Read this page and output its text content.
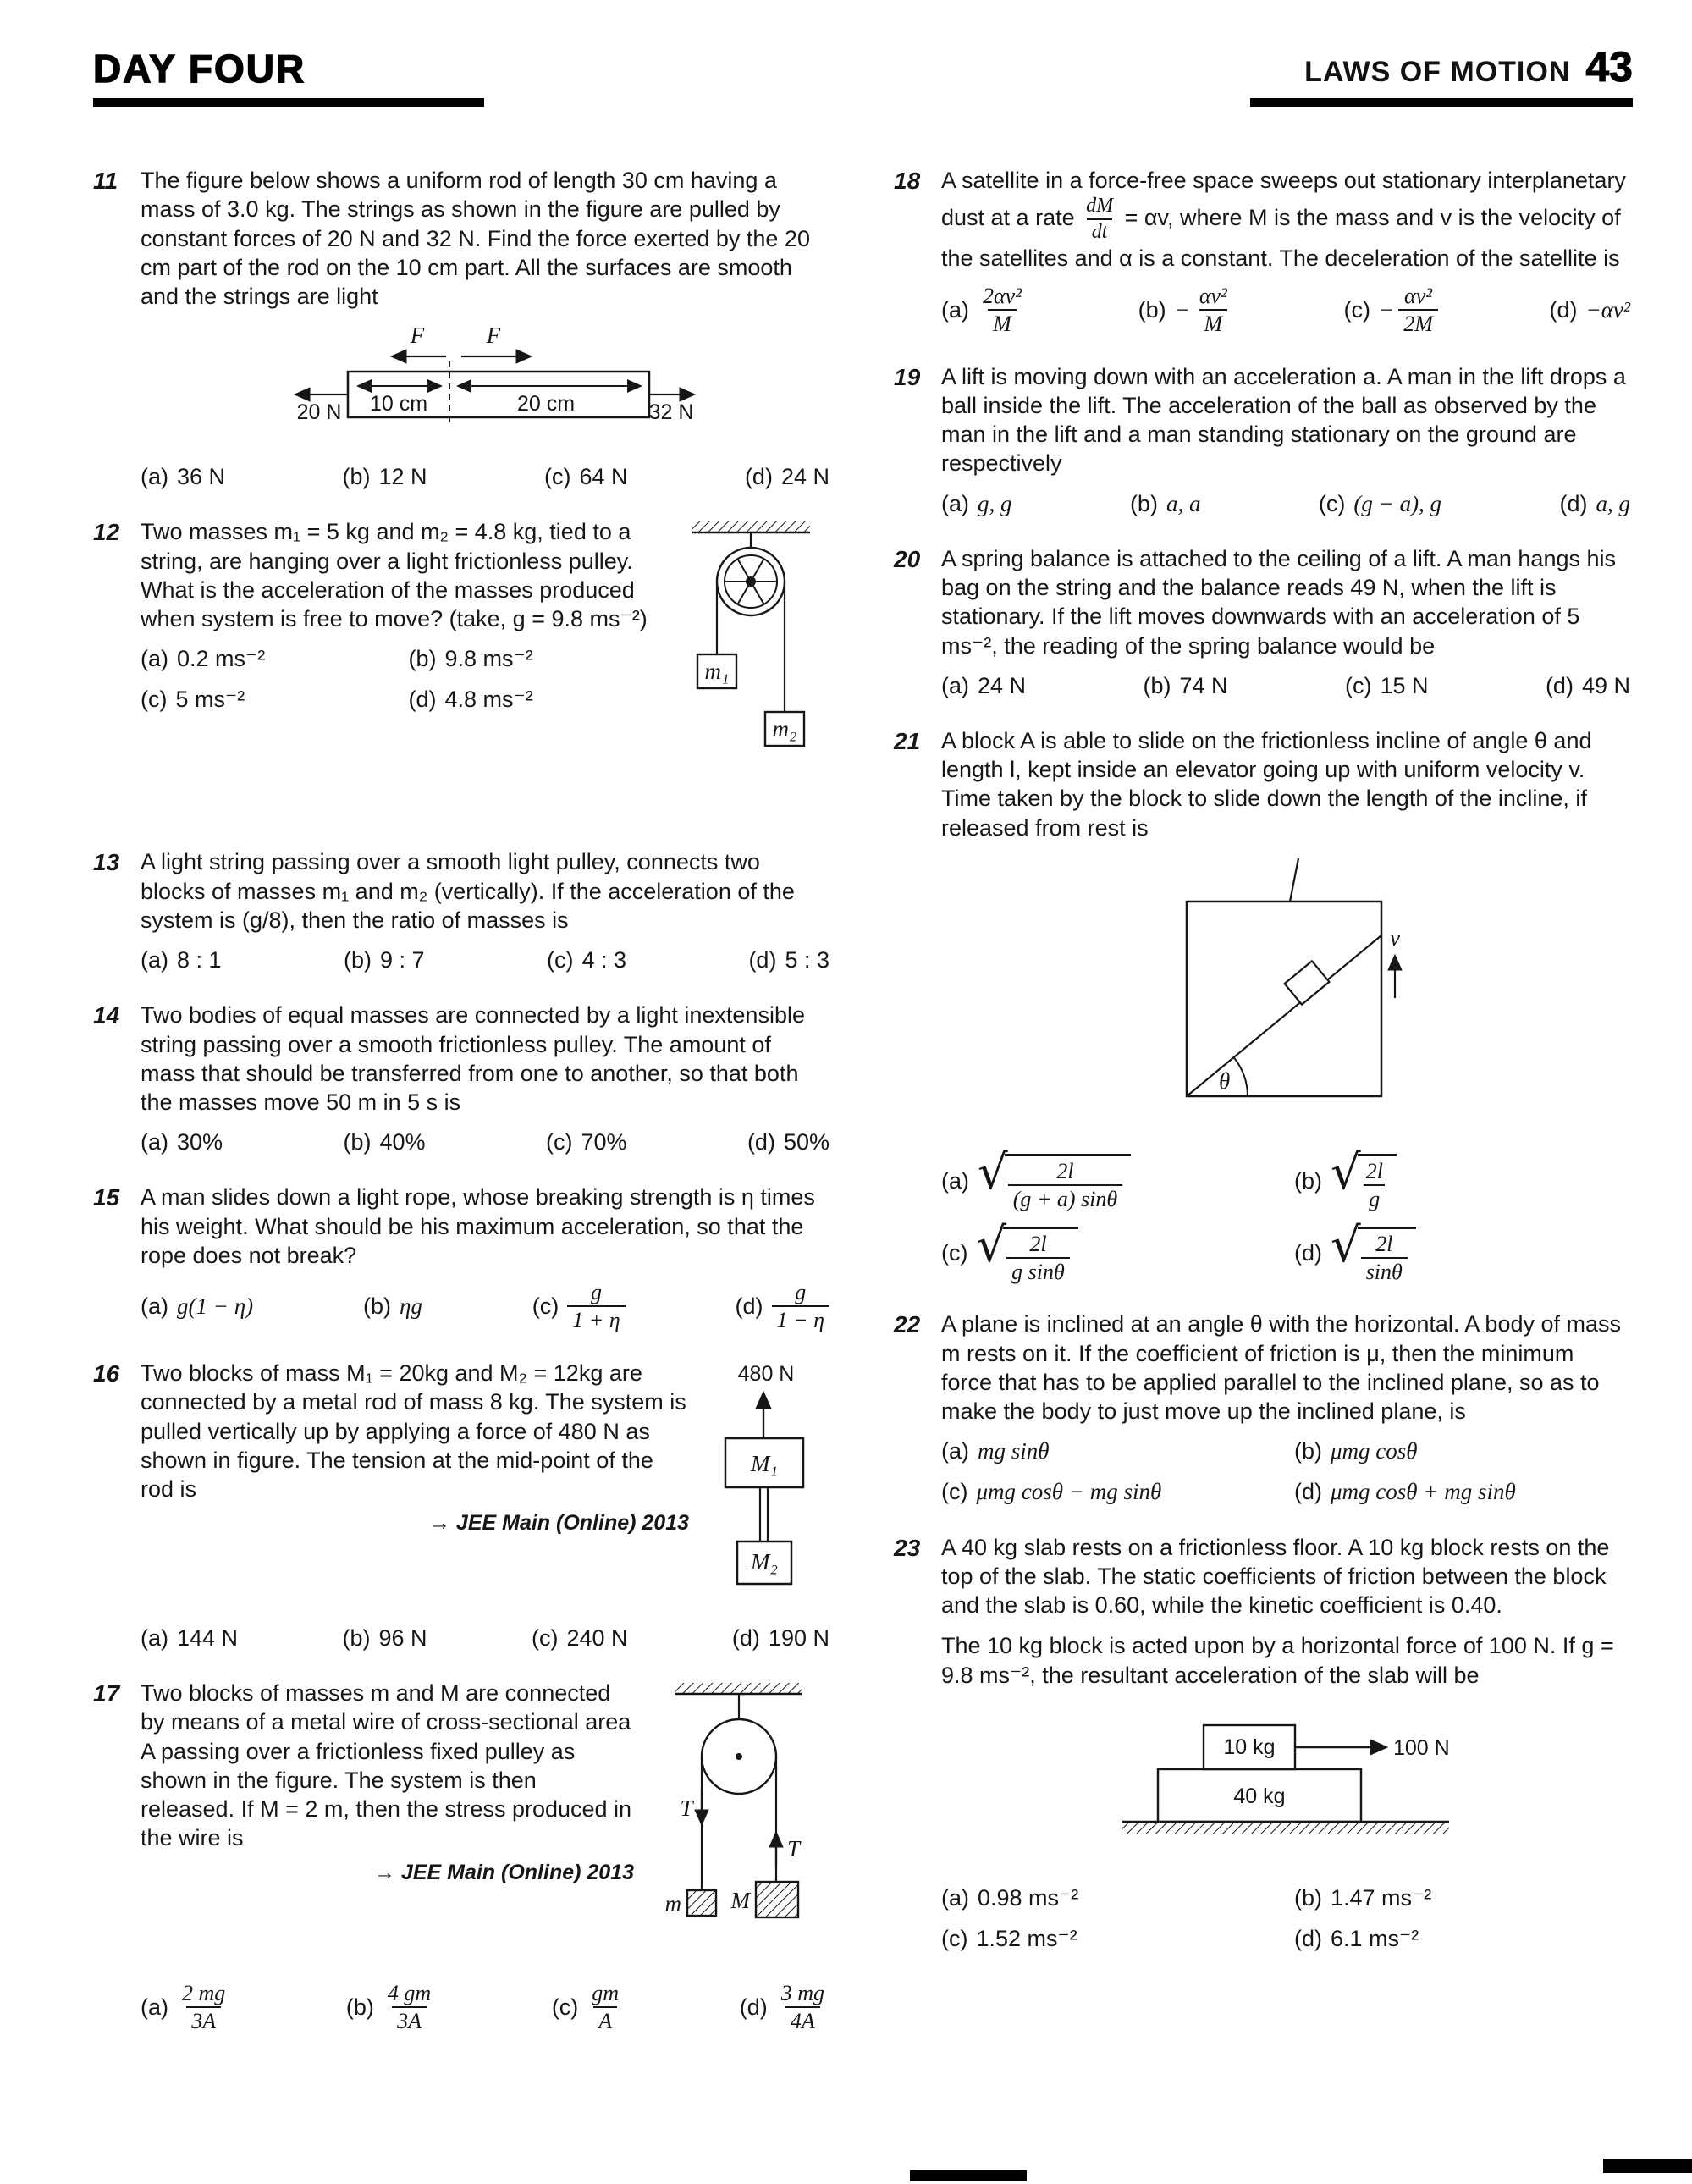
DAY FOUR	LAWS OF MOTION 43
11 The figure below shows a uniform rod of length 30 cm having a mass of 3.0 kg. The strings as shown in the figure are pulled by constant forces of 20 N and 32 N. Find the force exerted by the 20 cm part of the rod on the 10 cm part. All the surfaces are smooth and the strings are light

F	F
10 cm	20 cm
20 N	32 N
(a) 36 N	(b) 12 N	(c) 64 N	(d) 24 N
12
m₁
m₂

Two masses m₁ = 5 kg and m₂ = 4.8 kg, tied to a string, are hanging over a light frictionless pulley. What is the acceleration of the masses produced when system is free to move? (take, g = 9.8 ms⁻²)

(a) 0.2 ms⁻²	(b) 9.8 ms⁻²
(c) 5 ms⁻²	(d) 4.8 ms⁻²
13 A light string passing over a smooth light pulley, connects two blocks of masses m₁ and m₂ (vertically). If the acceleration of the system is (g/8), then the ratio of masses is

(a) 8 : 1	(b) 9 : 7	(c) 4 : 3	(d) 5 : 3
14 Two bodies of equal masses are connected by a light inextensible string passing over a smooth frictionless pulley. The amount of mass that should be transferred from one to another, so that both the masses move 50 m in 5 s is

(a) 30%	(b) 40%	(c) 70%	(d) 50%
15 A man slides down a light rope, whose breaking strength is η times his weight. What should be his maximum acceleration, so that the rope does not break?

(a) g(1 − η)	(b) ηg	$(c) \frac{g}{1 + \eta}$	$(d) \frac{g}{1 - \eta}$
16	480 N
M₁
M₂

Two blocks of mass M₁ = 20kg and M₂ = 12kg are connected by a metal rod of mass 8 kg. The system is pulled vertically up by applying a force of 480 N as shown in figure. The tension at the mid-point of the rod is

→ JEE Main (Online) 2013
(a) 144 N	(b) 96 N	(c) 240 N	(d) 190 N
17
T
T
m M

Two blocks of masses m and M are connected by means of a metal wire of cross-sectional area A passing over a frictionless fixed pulley as shown in the figure. The system is then released. If M = 2 m, then the stress produced in the wire is

→ JEE Main (Online) 2013
$(a) \frac{2 mg}{3A}$	$(b) \frac{4 gm}{3A}$	$(c) \frac{gm}{A}$	$(d) \frac{3 mg}{4A}$
18 A satellite in a force-free space sweeps out stationary interplanetary dust at a rate $\frac{dM}{dt} = \alpha v$, where M is the mass and v is the velocity of the satellites and α is a constant. The deceleration of the satellite is

$(a) \frac{\text{2αv²}}{M}$	$(b) - \frac{\text{αv²}}{M}$	$(c) - \frac{\text{αv²}}{2M}$	(d) −αv²
19 A lift is moving down with an acceleration a. A man in the lift drops a ball inside the lift. The acceleration of the ball as observed by the man in the lift and a man standing stationary on the ground are respectively

(a) g, g	(b) a, a	(c) (g − a), g	(d) a, g
20 A spring balance is attached to the ceiling of a lift. A man hangs his bag on the string and the balance reads 49 N, when the lift is stationary. If the lift moves downwards with an acceleration of 5 ms⁻², the reading of the spring balance would be

(a) 24 N	(b) 74 N	(c) 15 N	(d) 49 N
21 A block A is able to slide on the frictionless incline of angle θ and length l, kept inside an elevator going up with uniform velocity v. Time taken by the block to slide down the length of the incline, if released from rest is

θ
v
(a) √ $\frac{2l}{(g + a) \sin\theta}$	(b) √ $\frac{2l}{g}$
(c) √ $\frac{2l}{\text{g sinθ}}$	(d) √ $\frac{2l}{\sin\theta}$
22 A plane is inclined at an angle θ with the horizontal. A body of mass m rests on it. If the coefficient of friction is μ, then the minimum force that has to be applied parallel to the inclined plane, so as to make the body to just move up the inclined plane, is

(a) mg sinθ	(b) μmg cosθ
(c) μmg cosθ − mg sinθ	(d) μmg cosθ + mg sinθ
23 A 40 kg slab rests on a frictionless floor. A 10 kg block rests on the top of the slab. The static coefficients of friction between the block and the slab is 0.60, while the kinetic coefficient is 0.40.

The 10 kg block is acted upon by a horizontal force of 100 N. If g = 9.8 ms⁻², the resultant acceleration of the slab will be

10 kg	100 N
40 kg
(a) 0.98 ms⁻²	(b) 1.47 ms⁻²
(c) 1.52 ms⁻²	(d) 6.1 ms⁻²
